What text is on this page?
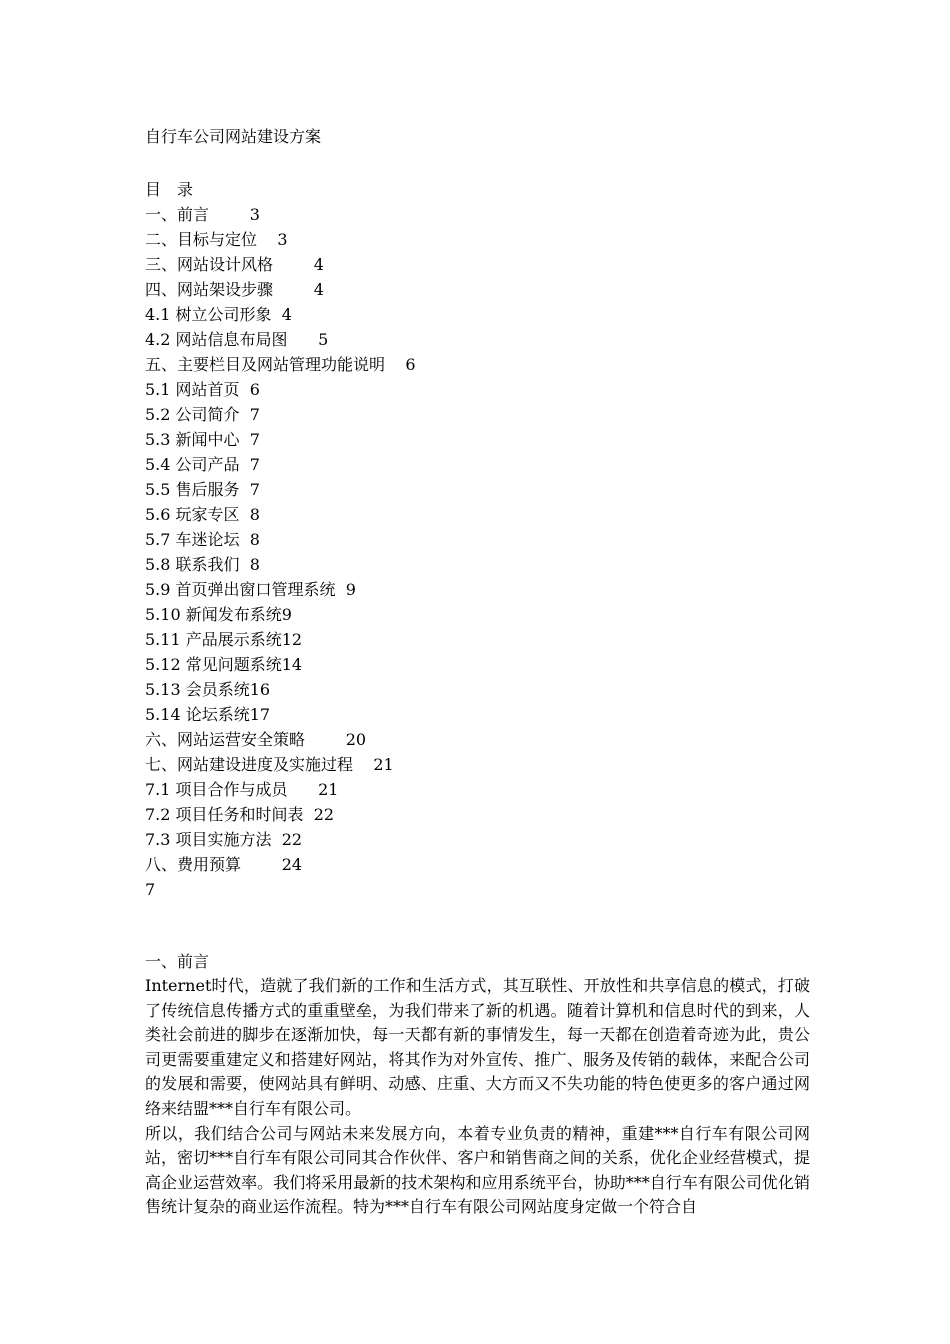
自行车公司网站建设方案
目　录
一、前言	3
二、目标与定位 3
三、网站设计风格	4
四、网站架设步骤	4
4.1 树立公司形象 4
4.2 网站信息布局图 5
五、主要栏目及网站管理功能说明 6
5.1 网站首页 6
5.2 公司简介 7
5.3 新闻中心 7
5.4 公司产品 7
5.5 售后服务 7
5.6 玩家专区 8
5.7 车迷论坛 8
5.8 联系我们 8
5.9 首页弹出窗口管理系统 9
5.10 新闻发布系统9
5.11 产品展示系统12
5.12 常见问题系统14
5.13 会员系统16
5.14 论坛系统17
六、网站运营安全策略	20
七、网站建设进度及实施过程 21
7.1 项目合作与成员 21
7.2 项目任务和时间表 22
7.3 项目实施方法 22
八、费用预算	24
7
一、前言

Internet时代，造就了我们新的工作和生活方式，其互联性、开放性和共享信息的模式，打破了传统信息传播方式的重重壁垒，为我们带来了新的机遇。随着计算机和信息时代的到来，人类社会前进的脚步在逐渐加快，每一天都有新的事情发生，每一天都在创造着奇迹为此，贵公司更需要重建定义和搭建好网站，将其作为对外宣传、推广、服务及传销的载体，来配合公司的发展和需要，使网站具有鲜明、动感、庄重、大方而又不失功能的特色使更多的客户通过网络来结盟***自行车有限公司。

所以，我们结合公司与网站未来发展方向，本着专业负责的精神，重建***自行车有限公司网站，密切***自行车有限公司同其合作伙伴、客户和销售商之间的关系，优化企业经营模式，提高企业运营效率。我们将采用最新的技术架构和应用系统平台，协助***自行车有限公司优化销售统计复杂的商业运作流程。特为***自行车有限公司网站度身定做一个符合自
